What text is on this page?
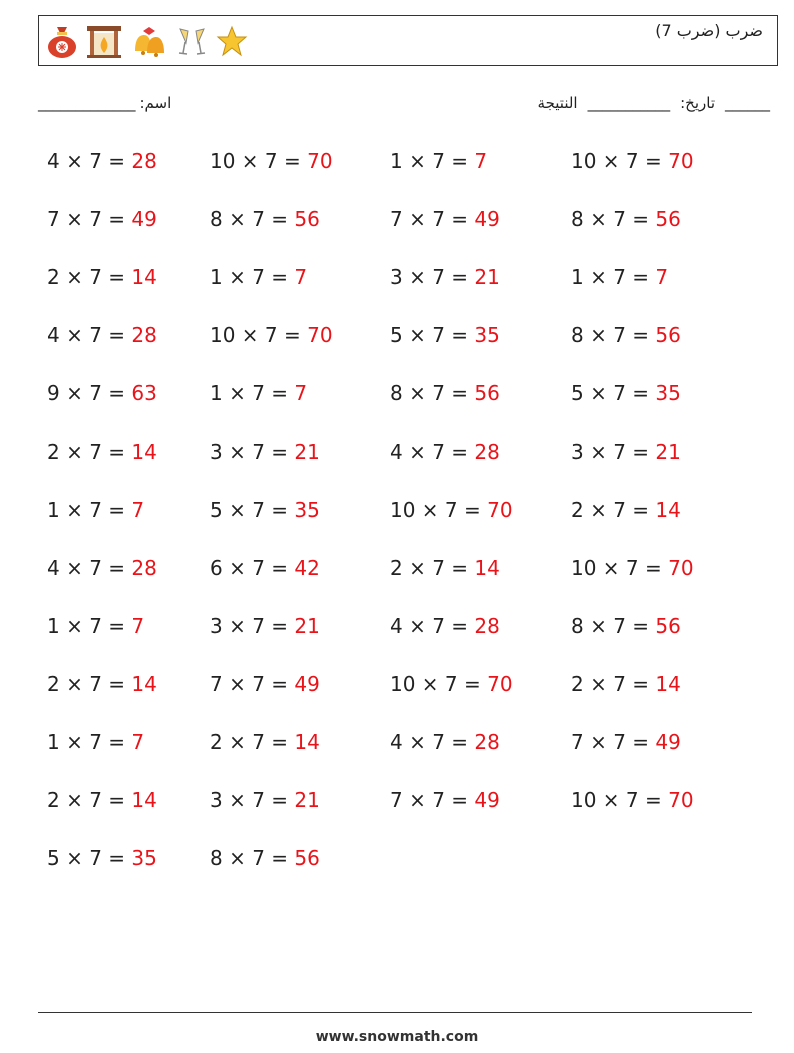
ضرب (ضرب 7)
_____________ اسم:	النتيجة ___________ تاريخ: ______
4 × 7 = 28	10 × 7 = 70	1 × 7 = 7	10 × 7 = 70
7 × 7 = 49	8 × 7 = 56	7 × 7 = 49	8 × 7 = 56
2 × 7 = 14	1 × 7 = 7	3 × 7 = 21	1 × 7 = 7
4 × 7 = 28	10 × 7 = 70	5 × 7 = 35	8 × 7 = 56
9 × 7 = 63	1 × 7 = 7	8 × 7 = 56	5 × 7 = 35
2 × 7 = 14	3 × 7 = 21	4 × 7 = 28	3 × 7 = 21
1 × 7 = 7	5 × 7 = 35	10 × 7 = 70	2 × 7 = 14
4 × 7 = 28	6 × 7 = 42	2 × 7 = 14	10 × 7 = 70
1 × 7 = 7	3 × 7 = 21	4 × 7 = 28	8 × 7 = 56
2 × 7 = 14	7 × 7 = 49	10 × 7 = 70	2 × 7 = 14
1 × 7 = 7	2 × 7 = 14	4 × 7 = 28	7 × 7 = 49
2 × 7 = 14	3 × 7 = 21	7 × 7 = 49	10 × 7 = 70
5 × 7 = 35	8 × 7 = 56
www.snowmath.com
